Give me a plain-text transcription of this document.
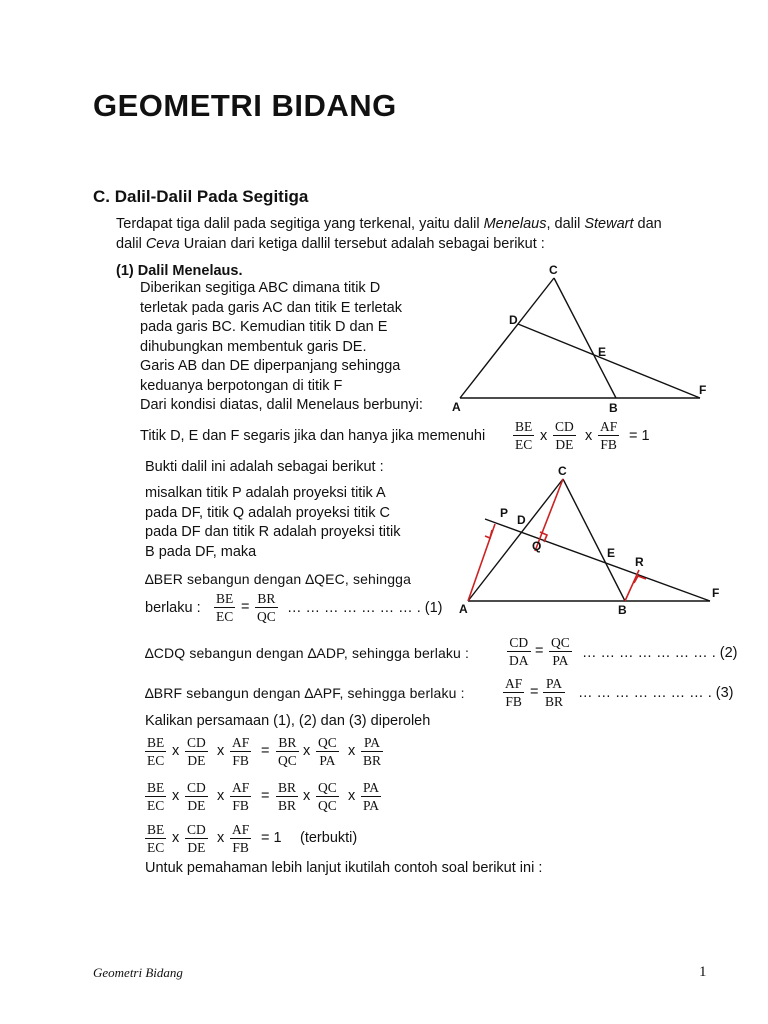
GEOMETRI BIDANG
C. Dalil-Dalil Pada Segitiga
Terdapat tiga dalil pada segitiga yang terkenal, yaitu dalil Menelaus, dalil Stewart dan
dalil Ceva Uraian dari ketiga dallil tersebut adalah sebagai berikut :
(1) Dalil Menelaus.
Diberikan segitiga ABC dimana titik D
terletak pada garis AC dan titik E terletak
pada garis BC. Kemudian titik D dan E
dihubungkan membentuk garis DE.
Garis AB dan DE diperpanjang sehingga
keduanya berpotongan di titik F
Dari kondisi diatas, dalil Menelaus berbunyi:
C
D
E
A	B
F
Titik D, E dan F segaris jika dan hanya jika memenuhi $\frac{BE}{EC}$ x $\frac{CD}{DE}$ x $\frac{AF}{FB} = 1$
Bukti dalil ini adalah sebagai berikut :
misalkan titik P adalah proyeksi titik A
pada DF, titik Q adalah proyeksi titik C
pada DF dan titik R adalah proyeksi titik
B pada DF, maka
C
P D
Q	E
R
A	B
F
∆BER sebangun dengan ∆QEC, sehingga
berlaku : $\frac{BE}{EC} = \frac{BR}{QC}$ … … … … … … … . (1)
∆CDQ sebangun dengan ∆ADP, sehingga berlaku :	$\frac{CD}{DA} = \frac{QC}{PA}$ … … … … … … … . (2)
∆BRF sebangun dengan ∆APF, sehingga berlaku :	$\frac{AF}{FB} = \frac{PA}{BR}$ … … … … … … … . (3)
Kalikan persamaan (1), (2) dan (3) diperoleh
$\frac{BE}{EC}$ x $\frac{CD}{DE}$ x $\frac{AF}{FB} = \frac{BR}{QC}$ x $\frac{QC}{PA}$ x $\frac{PA}{BR}$
$\frac{BE}{EC}$ x $\frac{CD}{DE}$ x $\frac{AF}{FB} = \frac{BR}{BR}$ x $\frac{QC}{QC}$ x $\frac{PA}{PA}$
$\frac{BE}{EC}$ x $\frac{CD}{DE}$ x $\frac{AF}{FB} = 1$ (terbukti)
Untuk pemahaman lebih lanjut ikutilah contoh soal berikut ini :
Geometri Bidang	1
